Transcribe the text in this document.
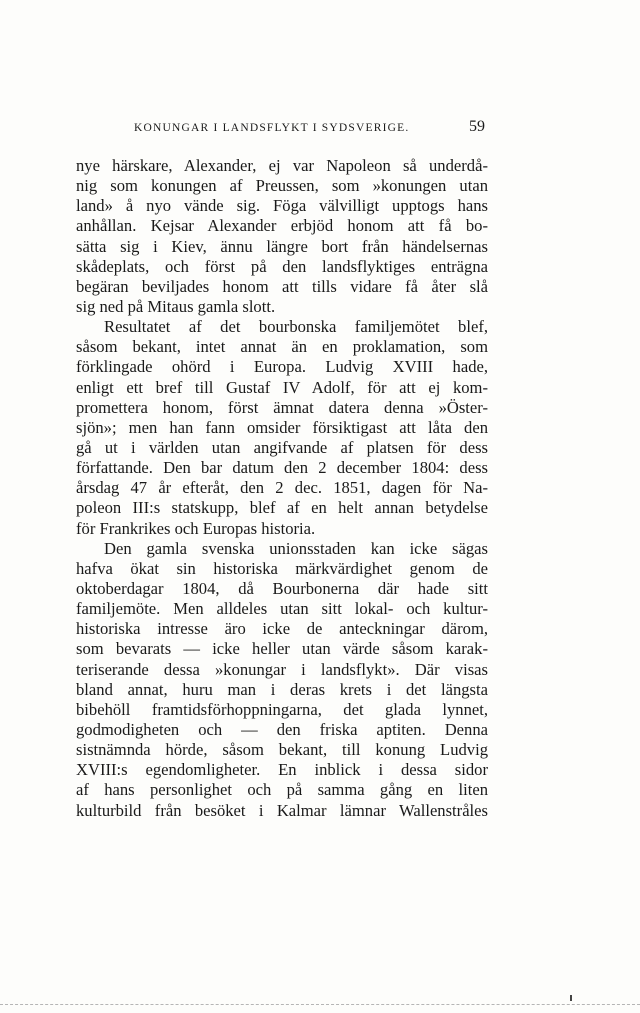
KONUNGAR I LANDSFLYKT I SYDSVERIGE.	59
nye härskare, Alexander, ej var Napoleon så underdå-
nig som konungen af Preussen, som »konungen utan
land» å nyo vände sig. Föga välvilligt upptogs hans
anhållan. Kejsar Alexander erbjöd honom att få bo-
sätta sig i Kiev, ännu längre bort från händelsernas
skådeplats, och först på den landsflyktiges enträgna
begäran beviljades honom att tills vidare få åter slå
sig ned på Mitaus gamla slott.
Resultatet af det bourbonska familjemötet blef,
såsom bekant, intet annat än en proklamation, som
förklingade ohörd i Europa. Ludvig XVIII hade,
enligt ett bref till Gustaf IV Adolf, för att ej kom-
promettera honom, först ämnat datera denna »Öster-
sjön»; men han fann omsider försiktigast att låta den
gå ut i världen utan angifvande af platsen för dess
författande. Den bar datum den 2 december 1804: dess
årsdag 47 år efteråt, den 2 dec. 1851, dagen för Na-
poleon III:s statskupp, blef af en helt annan betydelse
för Frankrikes och Europas historia.
Den gamla svenska unionsstaden kan icke sägas
hafva ökat sin historiska märkvärdighet genom de
oktoberdagar 1804, då Bourbonerna där hade sitt
familjemöte. Men alldeles utan sitt lokal- och kultur-
historiska intresse äro icke de anteckningar därom,
som bevarats — icke heller utan värde såsom karak-
teriserande dessa »konungar i landsflykt». Där visas
bland annat, huru man i deras krets i det längsta
bibehöll framtidsförhoppningarna, det glada lynnet,
godmodigheten och — den friska aptiten. Denna
sistnämnda hörde, såsom bekant, till konung Ludvig
XVIII:s egendomligheter. En inblick i dessa sidor
af hans personlighet och på samma gång en liten
kulturbild från besöket i Kalmar lämnar Wallenstråles
